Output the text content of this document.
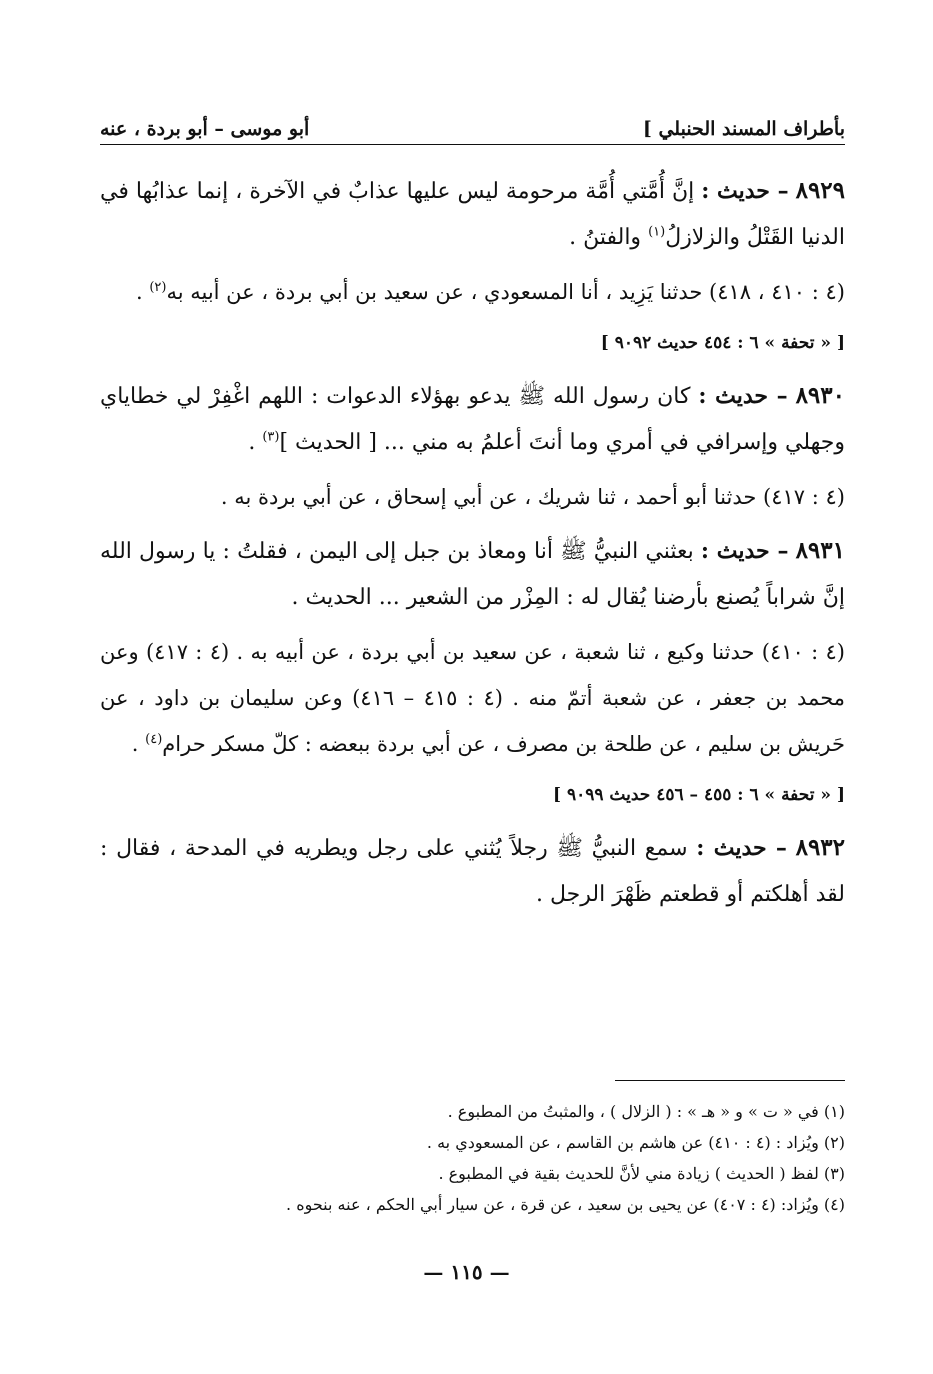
بأطراف المسند الحنبلي ]
أبو موسى – أبو بردة ، عنه

٨٩٢٩ – حديث : إنَّ أُمَّتي أُمَّة مرحومة ليس عليها عذابٌ في الآخرة ، إنما عذابُها في الدنيا القَتْلُ والزلازلُ$^{(١)}$ والفتنُ .

(٤ : ٤١٠ ، ٤١٨) حدثنا يَزِيد ، أنا المسعودي ، عن سعيد بن أبي بردة ، عن أبيه به$^{(٢)}$ .

[ « تحفة » ٦ : ٤٥٤ حديث ٩٠٩٢ ]

٨٩٣٠ – حديث : كان رسول الله ﷺ يدعو بهؤلاء الدعوات : اللهم اغْفِرْ لي خطاياي وجهلي وإسرافي في أمري وما أنتَ أعلمُ به مني ... [ الحديث ]$^{(٣)}$ .

(٤ : ٤١٧) حدثنا أبو أحمد ، ثنا شريك ، عن أبي إسحاق ، عن أبي بردة به .

٨٩٣١ – حديث : بعثني النبيُّ ﷺ أنا ومعاذ بن جبل إلى اليمن ، فقلتُ : يا رسول الله إنَّ شراباً يُصنع بأرضنا يُقال له : المِزْر من الشعير ... الحديث .

(٤ : ٤١٠) حدثنا وكيع ، ثنا شعبة ، عن سعيد بن أبي بردة ، عن أبيه به . (٤ : ٤١٧) وعن محمد بن جعفر ، عن شعبة أتمّ منه . (٤ : ٤١٥ – ٤١٦) وعن سليمان بن داود ، عن حَريش بن سليم ، عن طلحة بن مصرف ، عن أبي بردة ببعضه : كلّ مسكر حرام$^{(٤)}$ .

[ « تحفة » ٦ : ٤٥٥ – ٤٥٦ حديث ٩٠٩٩ ]

٨٩٣٢ – حديث : سمع النبيُّ ﷺ رجلاً يُثني على رجل ويطريه في المدحة ، فقال : لقد أهلكتم أو قطعتم ظَهْرَ الرجل .

(١) في « ت » و « هـ » : ( الزلال ) ، والمثبتُ من المطبوع .
(٢) ويُزاد : (٤ : ٤١٠) عن هاشم بن القاسم ، عن المسعودي به .
(٣) لفظ ( الحديث ) زيادة مني لأنَّ للحديث بقية في المطبوع .
(٤) ويُزاد: (٤ : ٤٠٧) عن يحيى بن سعيد ، عن قرة ، عن سيار أبي الحكم ، عنه بنحوه .
— ١١٥ —
